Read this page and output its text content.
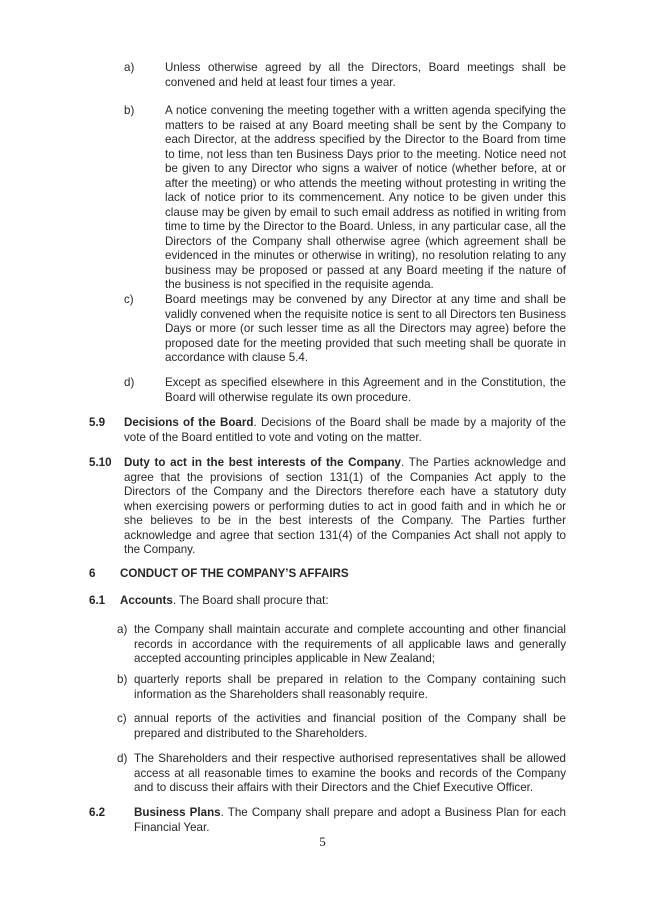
a)	Unless otherwise agreed by all the Directors, Board meetings shall be convened and held at least four times a year.
b)	A notice convening the meeting together with a written agenda specifying the matters to be raised at any Board meeting shall be sent by the Company to each Director, at the address specified by the Director to the Board from time to time, not less than ten Business Days prior to the meeting. Notice need not be given to any Director who signs a waiver of notice (whether before, at or after the meeting) or who attends the meeting without protesting in writing the lack of notice prior to its commencement. Any notice to be given under this clause may be given by email to such email address as notified in writing from time to time by the Director to the Board. Unless, in any particular case, all the Directors of the Company shall otherwise agree (which agreement shall be evidenced in the minutes or otherwise in writing), no resolution relating to any business may be proposed or passed at any Board meeting if the nature of the business is not specified in the requisite agenda.
c)	Board meetings may be convened by any Director at any time and shall be validly convened when the requisite notice is sent to all Directors ten Business Days or more (or such lesser time as all the Directors may agree) before the proposed date for the meeting provided that such meeting shall be quorate in accordance with clause 5.4.
d)	Except as specified elsewhere in this Agreement and in the Constitution, the Board will otherwise regulate its own procedure.
5.9 Decisions of the Board. Decisions of the Board shall be made by a majority of the vote of the Board entitled to vote and voting on the matter.
5.10 Duty to act in the best interests of the Company. The Parties acknowledge and agree that the provisions of section 131(1) of the Companies Act apply to the Directors of the Company and the Directors therefore each have a statutory duty when exercising powers or performing duties to act in good faith and in which he or she believes to be in the best interests of the Company. The Parties further acknowledge and agree that section 131(4) of the Companies Act shall not apply to the Company.
6 CONDUCT OF THE COMPANY’S AFFAIRS
6.1 Accounts. The Board shall procure that:
a) the Company shall maintain accurate and complete accounting and other financial records in accordance with the requirements of all applicable laws and generally accepted accounting principles applicable in New Zealand;
b) quarterly reports shall be prepared in relation to the Company containing such information as the Shareholders shall reasonably require.
c) annual reports of the activities and financial position of the Company shall be prepared and distributed to the Shareholders.
d) The Shareholders and their respective authorised representatives shall be allowed access at all reasonable times to examine the books and records of the Company and to discuss their affairs with their Directors and the Chief Executive Officer.
6.2 Business Plans. The Company shall prepare and adopt a Business Plan for each Financial Year.
5
